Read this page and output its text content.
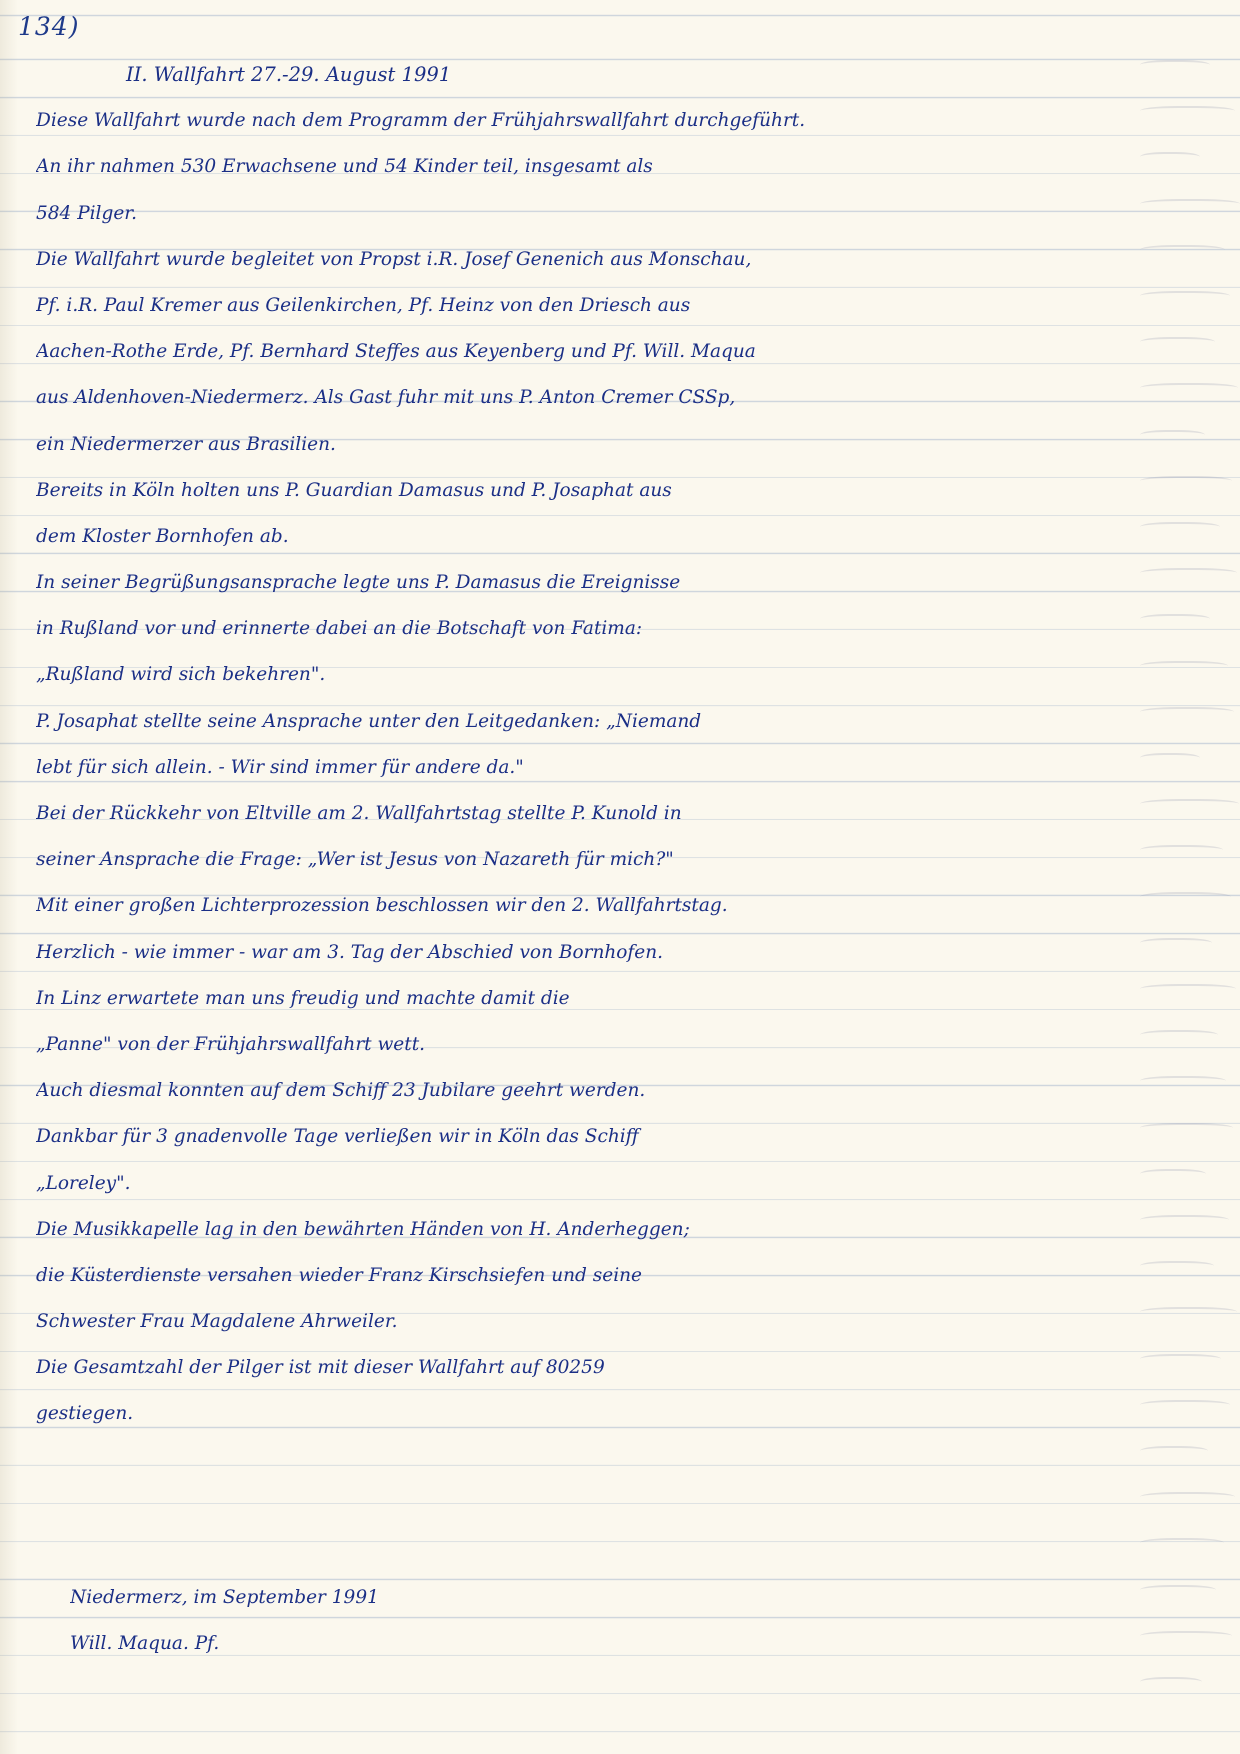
134)

II. Wallfahrt 27.-29. August 1991

Diese Wallfahrt wurde nach dem Programm der Frühjahrswallfahrt durchgeführt.

An ihr nahmen 530 Erwachsene und 54 Kinder teil, insgesamt als

584 Pilger.

Die Wallfahrt wurde begleitet von Propst i.R. Josef Genenich aus Monschau,

Pf. i.R. Paul Kremer aus Geilenkirchen, Pf. Heinz von den Driesch aus

Aachen-Rothe Erde, Pf. Bernhard Steffes aus Keyenberg und Pf. Will. Maqua

aus Aldenhoven-Niedermerz. Als Gast fuhr mit uns P. Anton Cremer CSSp,

ein Niedermerzer aus Brasilien.

Bereits in Köln holten uns P. Guardian Damasus und P. Josaphat aus

dem Kloster Bornhofen ab.

In seiner Begrüßungsansprache legte uns P. Damasus die Ereignisse

in Rußland vor und erinnerte dabei an die Botschaft von Fatima:

„Rußland wird sich bekehren".

P. Josaphat stellte seine Ansprache unter den Leitgedanken: „Niemand

lebt für sich allein. - Wir sind immer für andere da."

Bei der Rückkehr von Eltville am 2. Wallfahrtstag stellte P. Kunold in

seiner Ansprache die Frage: „Wer ist Jesus von Nazareth für mich?"

Mit einer großen Lichterprozession beschlossen wir den 2. Wallfahrtstag.

Herzlich - wie immer - war am 3. Tag der Abschied von Bornhofen.

In Linz erwartete man uns freudig und machte damit die

„Panne" von der Frühjahrswallfahrt wett.

Auch diesmal konnten auf dem Schiff 23 Jubilare geehrt werden.

Dankbar für 3 gnadenvolle Tage verließen wir in Köln das Schiff

„Loreley".

Die Musikkapelle lag in den bewährten Händen von H. Anderheggen;

die Küsterdienste versahen wieder Franz Kirschsiefen und seine

Schwester Frau Magdalene Ahrweiler.

Die Gesamtzahl der Pilger ist mit dieser Wallfahrt auf 80259

gestiegen.

Niedermerz, im September 1991

Will. Maqua. Pf.
